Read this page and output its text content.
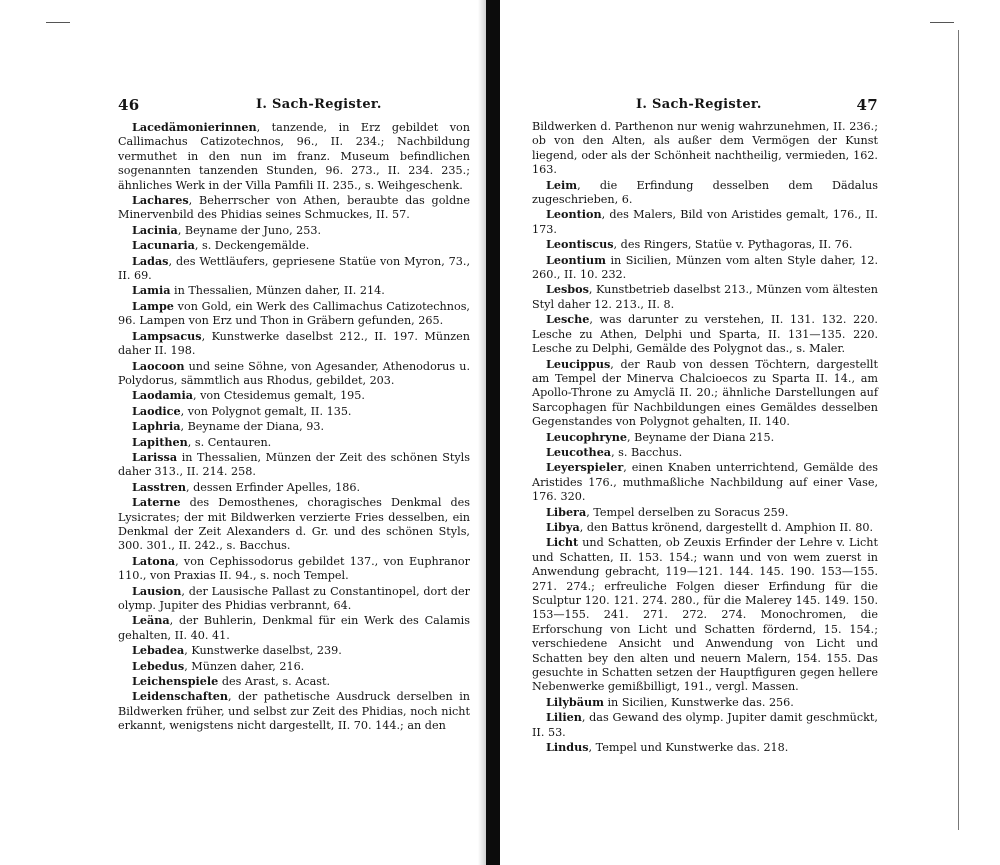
46	I. Sach-Register.

Lacedämonierinnen, tanzende, in Erz gebildet von Callimachus Catizotechnos, 96., II. 234.; Nachbildung vermuthet in den nun im franz. Museum befindlichen sogenannten tanzenden Stunden, 96. 273., II. 234. 235.; ähnliches Werk in der Villa Pamfili II. 235., s. Weihgeschenk.

Lachares, Beherrscher von Athen, beraubte das goldne Minervenbild des Phidias seines Schmuckes, II. 57.

Lacinia, Beyname der Juno, 253.

Lacunaria, s. Deckengemälde.

Ladas, des Wettläufers, gepriesene Statüe von Myron, 73., II. 69.

Lamia in Thessalien, Münzen daher, II. 214.

Lampe von Gold, ein Werk des Callimachus Catizotechnos, 96. Lampen von Erz und Thon in Gräbern gefunden, 265.

Lampsacus, Kunstwerke daselbst 212., II. 197. Münzen daher II. 198.

Laocoon und seine Söhne, von Agesander, Athenodorus u. Polydorus, sämmtlich aus Rhodus, gebildet, 203.

Laodamia, von Ctesidemus gemalt, 195.

Laodice, von Polygnot gemalt, II. 135.

Laphria, Beyname der Diana, 93.

Lapithen, s. Centauren.

Larissa in Thessalien, Münzen der Zeit des schönen Styls daher 313., II. 214. 258.

Lasstren, dessen Erfinder Apelles, 186.

Laterne des Demosthenes, choragisches Denkmal des Lysicrates; der mit Bildwerken verzierte Fries desselben, ein Denkmal der Zeit Alexanders d. Gr. und des schönen Styls, 300. 301., II. 242., s. Bacchus.

Latona, von Cephissodorus gebildet 137., von Euphranor 110., von Praxias II. 94., s. noch Tempel.

Lausion, der Lausische Pallast zu Constantinopel, dort der olymp. Jupiter des Phidias verbrannt, 64.

Leäna, der Buhlerin, Denkmal für ein Werk des Calamis gehalten, II. 40. 41.

Lebadea, Kunstwerke daselbst, 239.

Lebedus, Münzen daher, 216.

Leichenspiele des Arast, s. Acast.

Leidenschaften, der pathetische Ausdruck derselben in Bildwerken früher, und selbst zur Zeit des Phidias, noch nicht erkannt, wenigstens nicht dargestellt, II. 70. 144.; an den

I. Sach-Register.	47

Bildwerken d. Parthenon nur wenig wahrzunehmen, II. 236.; ob von den Alten, als außer dem Vermögen der Kunst liegend, oder als der Schönheit nachtheilig, vermieden, 162. 163.

Leim, die Erfindung desselben dem Dädalus zugeschrieben, 6.

Leontion, des Malers, Bild von Aristides gemalt, 176., II. 173.

Leontiscus, des Ringers, Statüe v. Pythagoras, II. 76.

Leontium in Sicilien, Münzen vom alten Style daher, 12. 260., II. 10. 232.

Lesbos, Kunstbetrieb daselbst 213., Münzen vom ältesten Styl daher 12. 213., II. 8.

Lesche, was darunter zu verstehen, II. 131. 132. 220. Lesche zu Athen, Delphi und Sparta, II. 131—135. 220. Lesche zu Delphi, Gemälde des Polygnot das., s. Maler.

Leucippus, der Raub von dessen Töchtern, dargestellt am Tempel der Minerva Chalcioecos zu Sparta II. 14., am Apollo-Throne zu Amyclä II. 20.; ähnliche Darstellungen auf Sarcophagen für Nachbildungen eines Gemäldes desselben Gegenstandes von Polygnot gehalten, II. 140.

Leucophryne, Beyname der Diana 215.

Leucothea, s. Bacchus.

Leyerspieler, einen Knaben unterrichtend, Gemälde des Aristides 176., muthmaßliche Nachbildung auf einer Vase, 176. 320.

Libera, Tempel derselben zu Soracus 259.

Libya, den Battus krönend, dargestellt d. Amphion II. 80.

Licht und Schatten, ob Zeuxis Erfinder der Lehre v. Licht und Schatten, II. 153. 154.; wann und von wem zuerst in Anwendung gebracht, 119—121. 144. 145. 190. 153—155. 271. 274.; erfreuliche Folgen dieser Erfindung für die Sculptur 120. 121. 274. 280., für die Malerey 145. 149. 150. 153—155. 241. 271. 272. 274. Monochromen, die Erforschung von Licht und Schatten fördernd, 15. 154.; verschiedene Ansicht und Anwendung von Licht und Schatten bey den alten und neuern Malern, 154. 155. Das gesuchte in Schatten setzen der Hauptfiguren gegen hellere Nebenwerke gemißbilligt, 191., vergl. Massen.

Lilybäum in Sicilien, Kunstwerke das. 256.

Lilien, das Gewand des olymp. Jupiter damit geschmückt, II. 53.

Lindus, Tempel und Kunstwerke das. 218.
